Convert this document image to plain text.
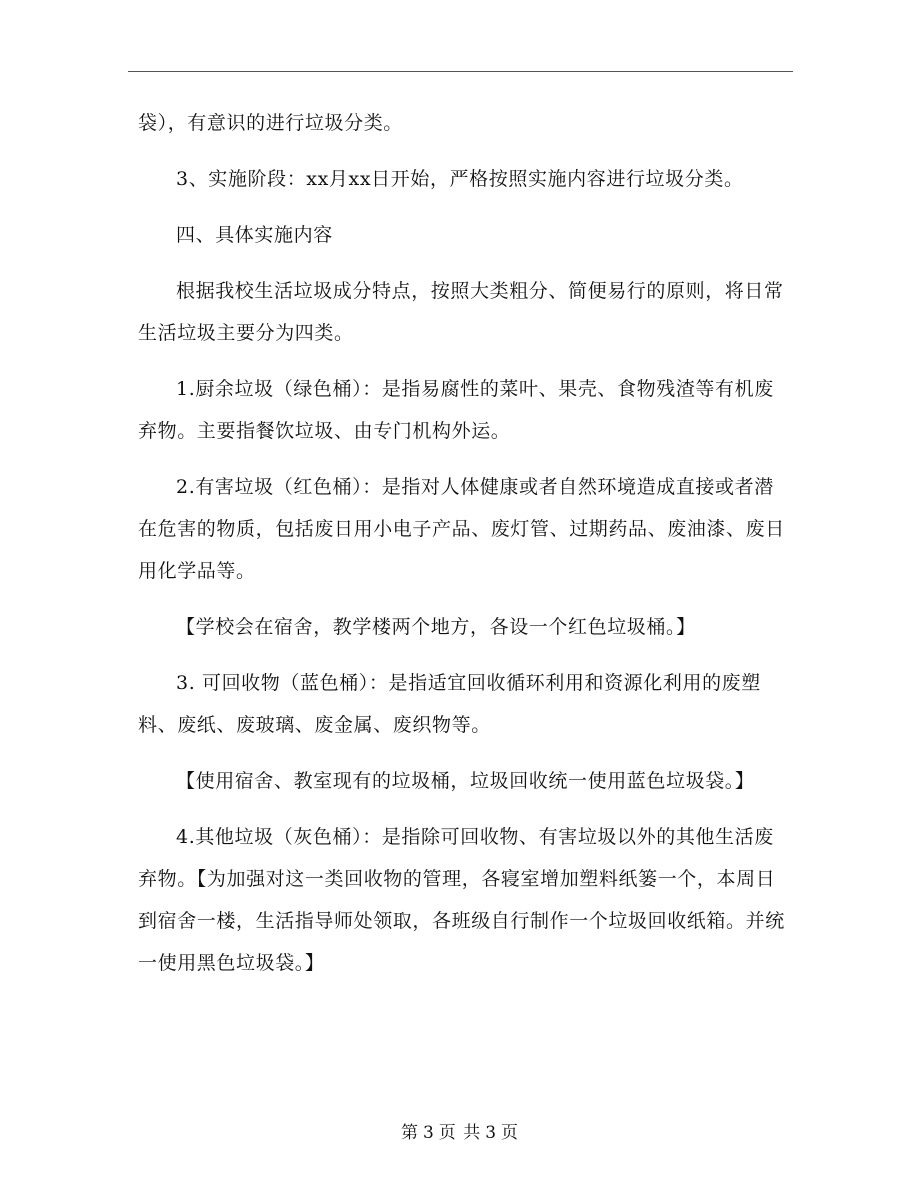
袋），有意识的进行垃圾分类。

3、实施阶段：xx月xx日开始，严格按照实施内容进行垃圾分类。

四、具体实施内容

根据我校生活垃圾成分特点，按照大类粗分、简便易行的原则，将日常生活垃圾主要分为四类。

1.厨余垃圾（绿色桶）：是指易腐性的菜叶、果壳、食物残渣等有机废弃物。主要指餐饮垃圾、由专门机构外运。

2.有害垃圾（红色桶）：是指对人体健康或者自然环境造成直接或者潜在危害的物质，包括废日用小电子产品、废灯管、过期药品、废油漆、废日用化学品等。

【学校会在宿舍，教学楼两个地方，各设一个红色垃圾桶。】

3. 可回收物（蓝色桶）：是指适宜回收循环利用和资源化利用的废塑料、废纸、废玻璃、废金属、废织物等。

【使用宿舍、教室现有的垃圾桶，垃圾回收统一使用蓝色垃圾袋。】

4.其他垃圾（灰色桶）：是指除可回收物、有害垃圾以外的其他生活废弃物。【为加强对这一类回收物的管理，各寝室增加塑料纸篓一个，本周日到宿舍一楼，生活指导师处领取，各班级自行制作一个垃圾回收纸箱。并统一使用黑色垃圾袋。】

第 3 页 共 3 页
